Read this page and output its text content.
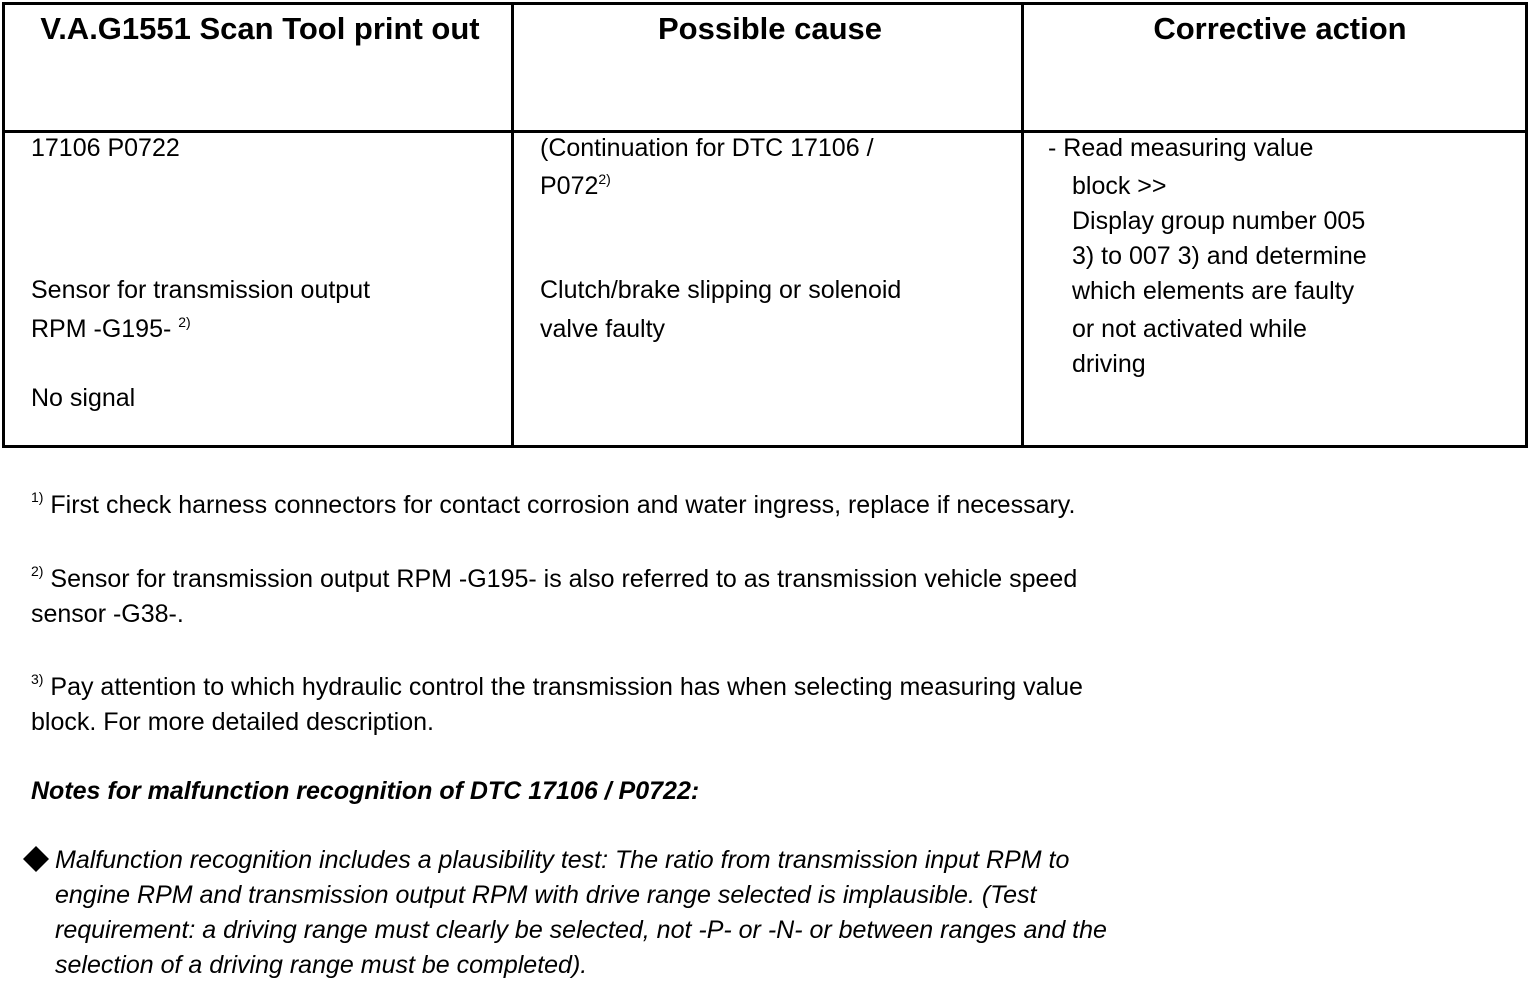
V.A.G1551 Scan Tool print out	Possible cause	Corrective action
17106 P0722
Sensor for transmission output
RPM -G195- $^{2)}$
No signal
(Continuation for DTC 17106 /
P072$^{2)}$
Clutch/brake slipping or solenoid
valve faulty
- Read measuring value
block >>
Display group number 005
3) to 007 3) and determine
which elements are faulty
or not activated while
driving
$^{1)}$ First check harness connectors for contact corrosion and water ingress, replace if necessary.
$^{2)}$ Sensor for transmission output RPM -G195- is also referred to as transmission vehicle speed
sensor -G38-.
$^{3)}$ Pay attention to which hydraulic control the transmission has when selecting measuring value
block. For more detailed description.
Notes for malfunction recognition of DTC 17106 / P0722:
Malfunction recognition includes a plausibility test: The ratio from transmission input RPM to
engine RPM and transmission output RPM with drive range selected is implausible. (Test
requirement: a driving range must clearly be selected, not -P- or -N- or between ranges and the
selection of a driving range must be completed).
